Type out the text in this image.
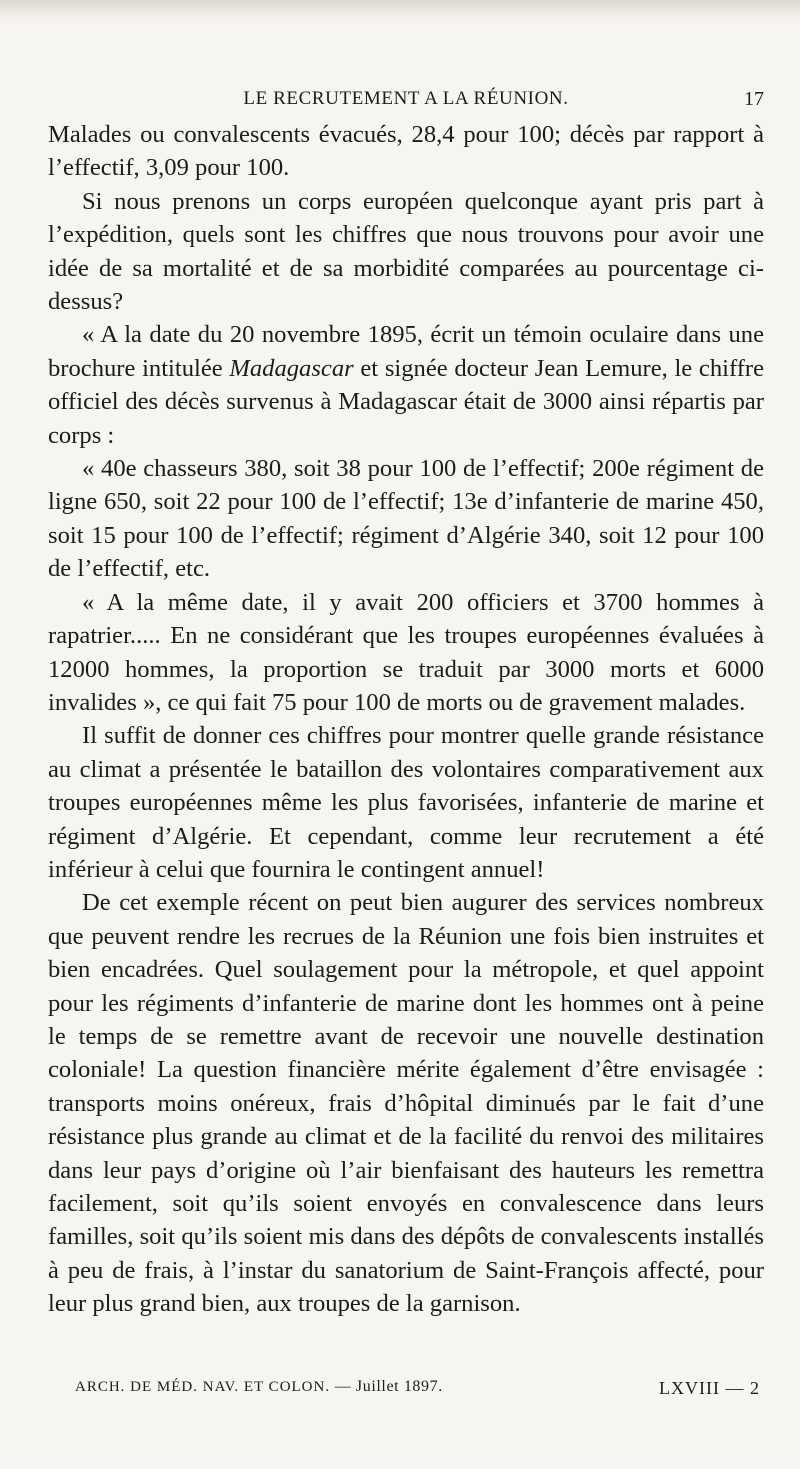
LE RECRUTEMENT A LA RÉUNION.	17

Malades ou convalescents évacués, 28,4 pour 100; décès par rapport à l’effectif, 3,09 pour 100.

Si nous prenons un corps européen quelconque ayant pris part à l’expédition, quels sont les chiffres que nous trouvons pour avoir une idée de sa mortalité et de sa morbidité comparées au pourcentage ci-dessus?

« A la date du 20 novembre 1895, écrit un témoin oculaire dans une brochure intitulée Madagascar et signée docteur Jean Lemure, le chiffre officiel des décès survenus à Madagascar était de 3000 ainsi répartis par corps :

« 40e chasseurs 380, soit 38 pour 100 de l’effectif; 200e régiment de ligne 650, soit 22 pour 100 de l’effectif; 13e d’infanterie de marine 450, soit 15 pour 100 de l’effectif; régiment d’Algérie 340, soit 12 pour 100 de l’effectif, etc.

« A la même date, il y avait 200 officiers et 3700 hommes à rapatrier..... En ne considérant que les troupes européennes évaluées à 12000 hommes, la proportion se traduit par 3000 morts et 6000 invalides », ce qui fait 75 pour 100 de morts ou de gravement malades.

Il suffit de donner ces chiffres pour montrer quelle grande résistance au climat a présentée le bataillon des volontaires comparativement aux troupes européennes même les plus favorisées, infanterie de marine et régiment d’Algérie. Et cependant, comme leur recrutement a été inférieur à celui que fournira le contingent annuel!

De cet exemple récent on peut bien augurer des services nombreux que peuvent rendre les recrues de la Réunion une fois bien instruites et bien encadrées. Quel soulagement pour la métropole, et quel appoint pour les régiments d’infanterie de marine dont les hommes ont à peine le temps de se remettre avant de recevoir une nouvelle destination coloniale! La question financière mérite également d’être envisagée : transports moins onéreux, frais d’hôpital diminués par le fait d’une résistance plus grande au climat et de la facilité du renvoi des militaires dans leur pays d’origine où l’air bienfaisant des hauteurs les remettra facilement, soit qu’ils soient envoyés en convalescence dans leurs familles, soit qu’ils soient mis dans des dépôts de convalescents installés à peu de frais, à l’instar du sanatorium de Saint-François affecté, pour leur plus grand bien, aux troupes de la garnison.

ARCH. DE MÉD. NAV. ET COLON. — Juillet 1897.	LXVIII — 2
